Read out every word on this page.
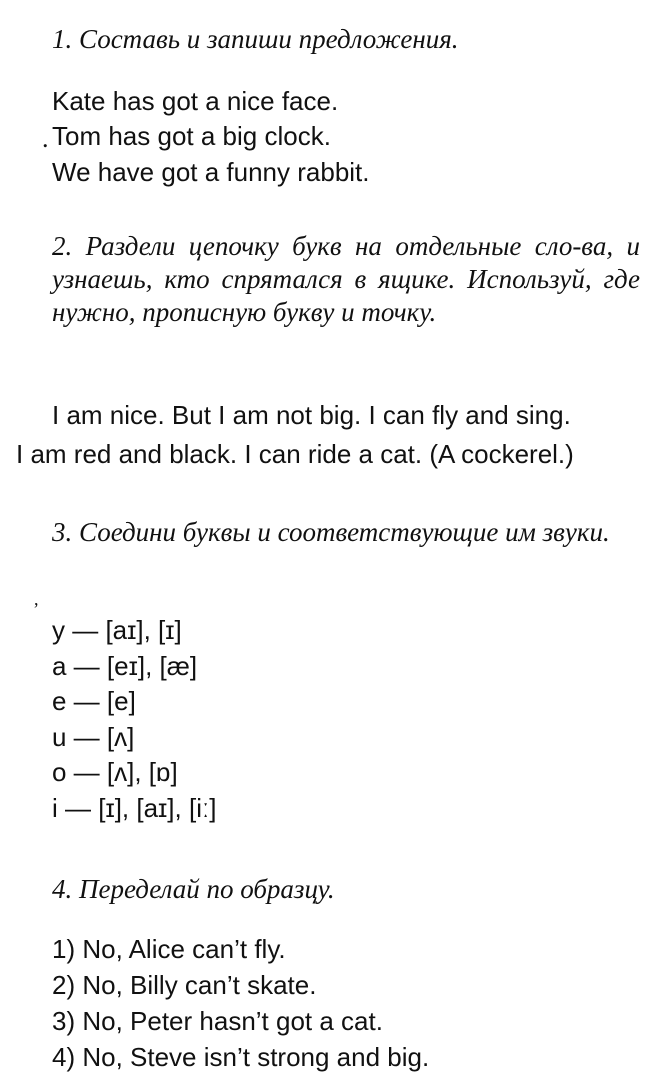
1. Составь и запиши предложения.

Kate has got a nice face.

. Tom has got a big clock.

We have got a funny rabbit.

2. Раздели цепочку букв на отдельные сло-ва, и узнаешь, кто спрятался в ящике. Используй, где нужно, прописную букву и точку.

I am nice. But I am not big. I can fly and sing.

I am red and black. I can ride a cat. (A cockerel.)

3. Соедини буквы и соответствующие им звуки.
,
y — [aɪ], [ɪ]
a — [eɪ], [æ]
e — [e]
u — [ʌ]
o — [ʌ], [ɒ]
i — [ɪ], [aɪ], [iː]
4. Переделай по образцу.
1) No, Alice can’t fly.
2) No, Billy can’t skate.
3) No, Peter hasn’t got a cat.
4) No, Steve isn’t strong and big.
